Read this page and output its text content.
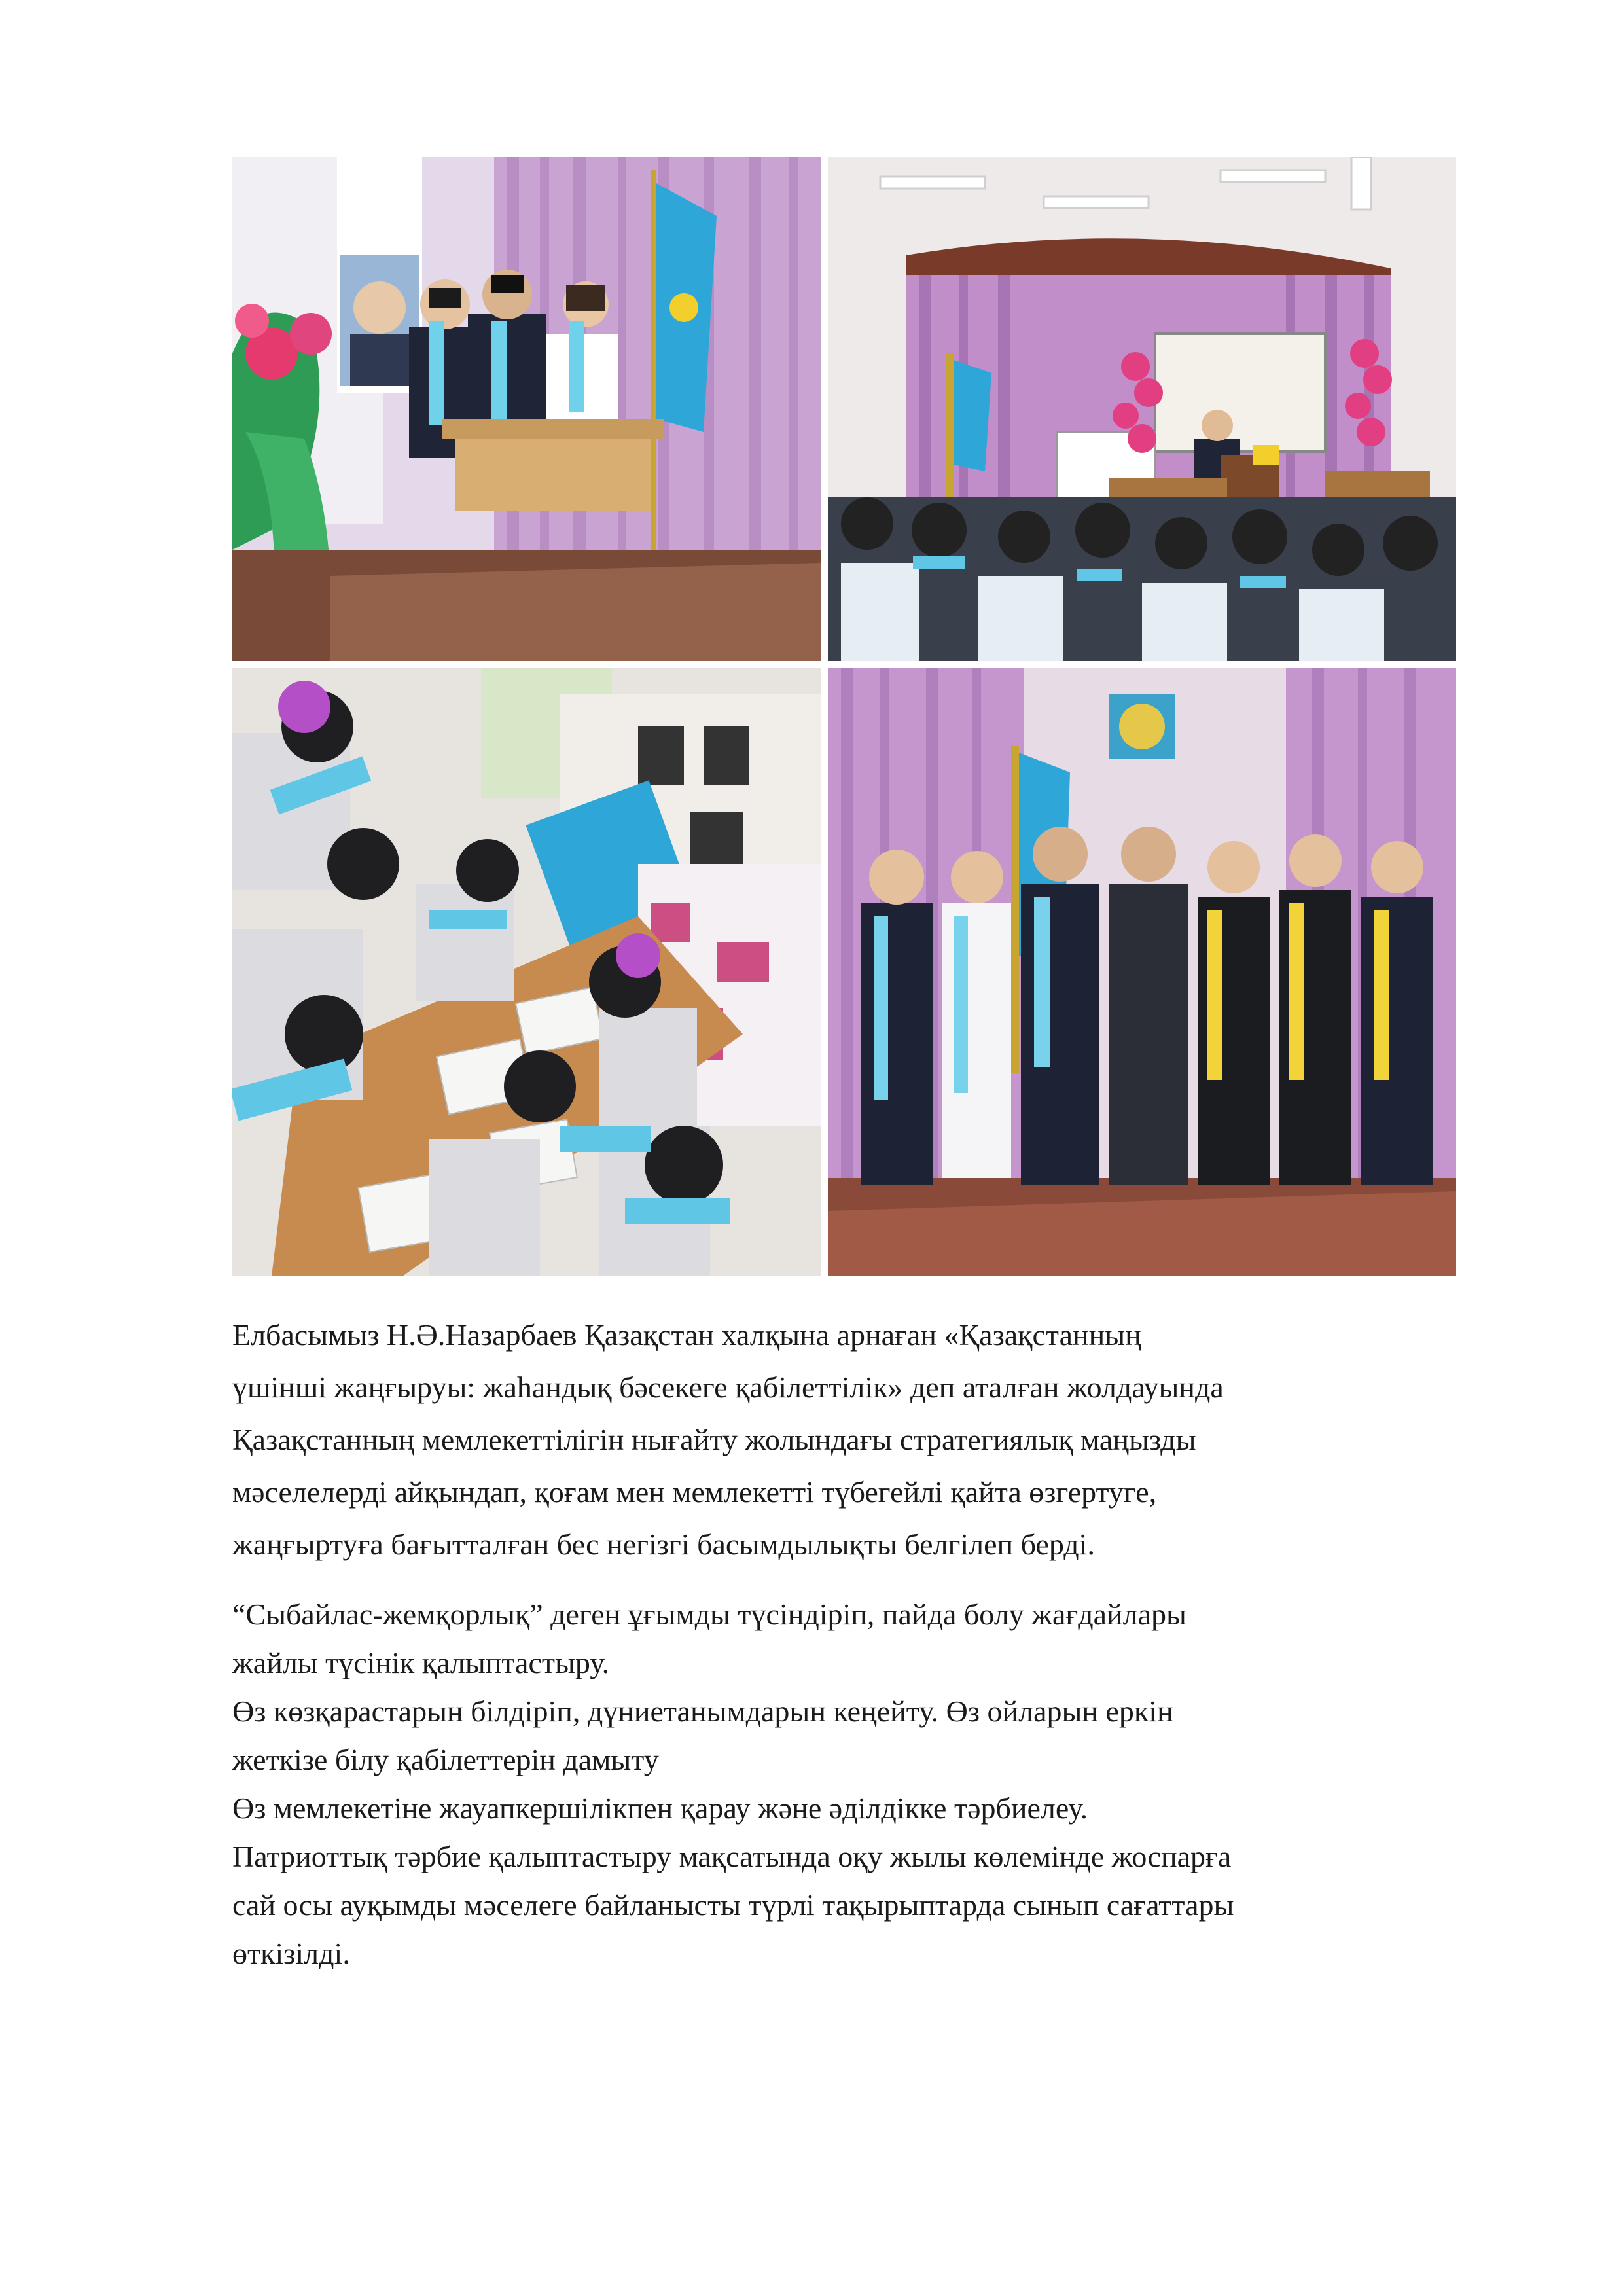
Елбасымыз Н.Ә.Назарбаев Қазақстан халқына арнаған «Қазақстанның
үшінші жаңғыруы: жаһандық бәсекеге қабілеттілік» деп аталған жолдауында
Қазақстанның мемлекеттілігін нығайту жолындағы стратегиялық маңызды
мәселелерді айқындап, қоғам мен мемлекетті түбегейлі қайта өзгертуге,
жаңғыртуға бағытталған бес негізгі басымдылықты белгілеп берді.
“Сыбайлас-жемқорлық” деген ұғымды түсіндіріп, пайда болу жағдайлары
жайлы түсінік қалыптастыру.
Өз көзқарастарын білдіріп, дүниетанымдарын кеңейту. Өз ойларын еркін
жеткізе білу қабілеттерін дамыту
Өз мемлекетіне жауапкершілікпен қарау және әділдікке тәрбиелеу.
Патриоттық тәрбие қалыптастыру мақсатында оқу жылы көлемінде жоспарға
сай осы ауқымды мәселеге байланысты түрлі тақырыптарда сынып сағаттары
өткізілді.
